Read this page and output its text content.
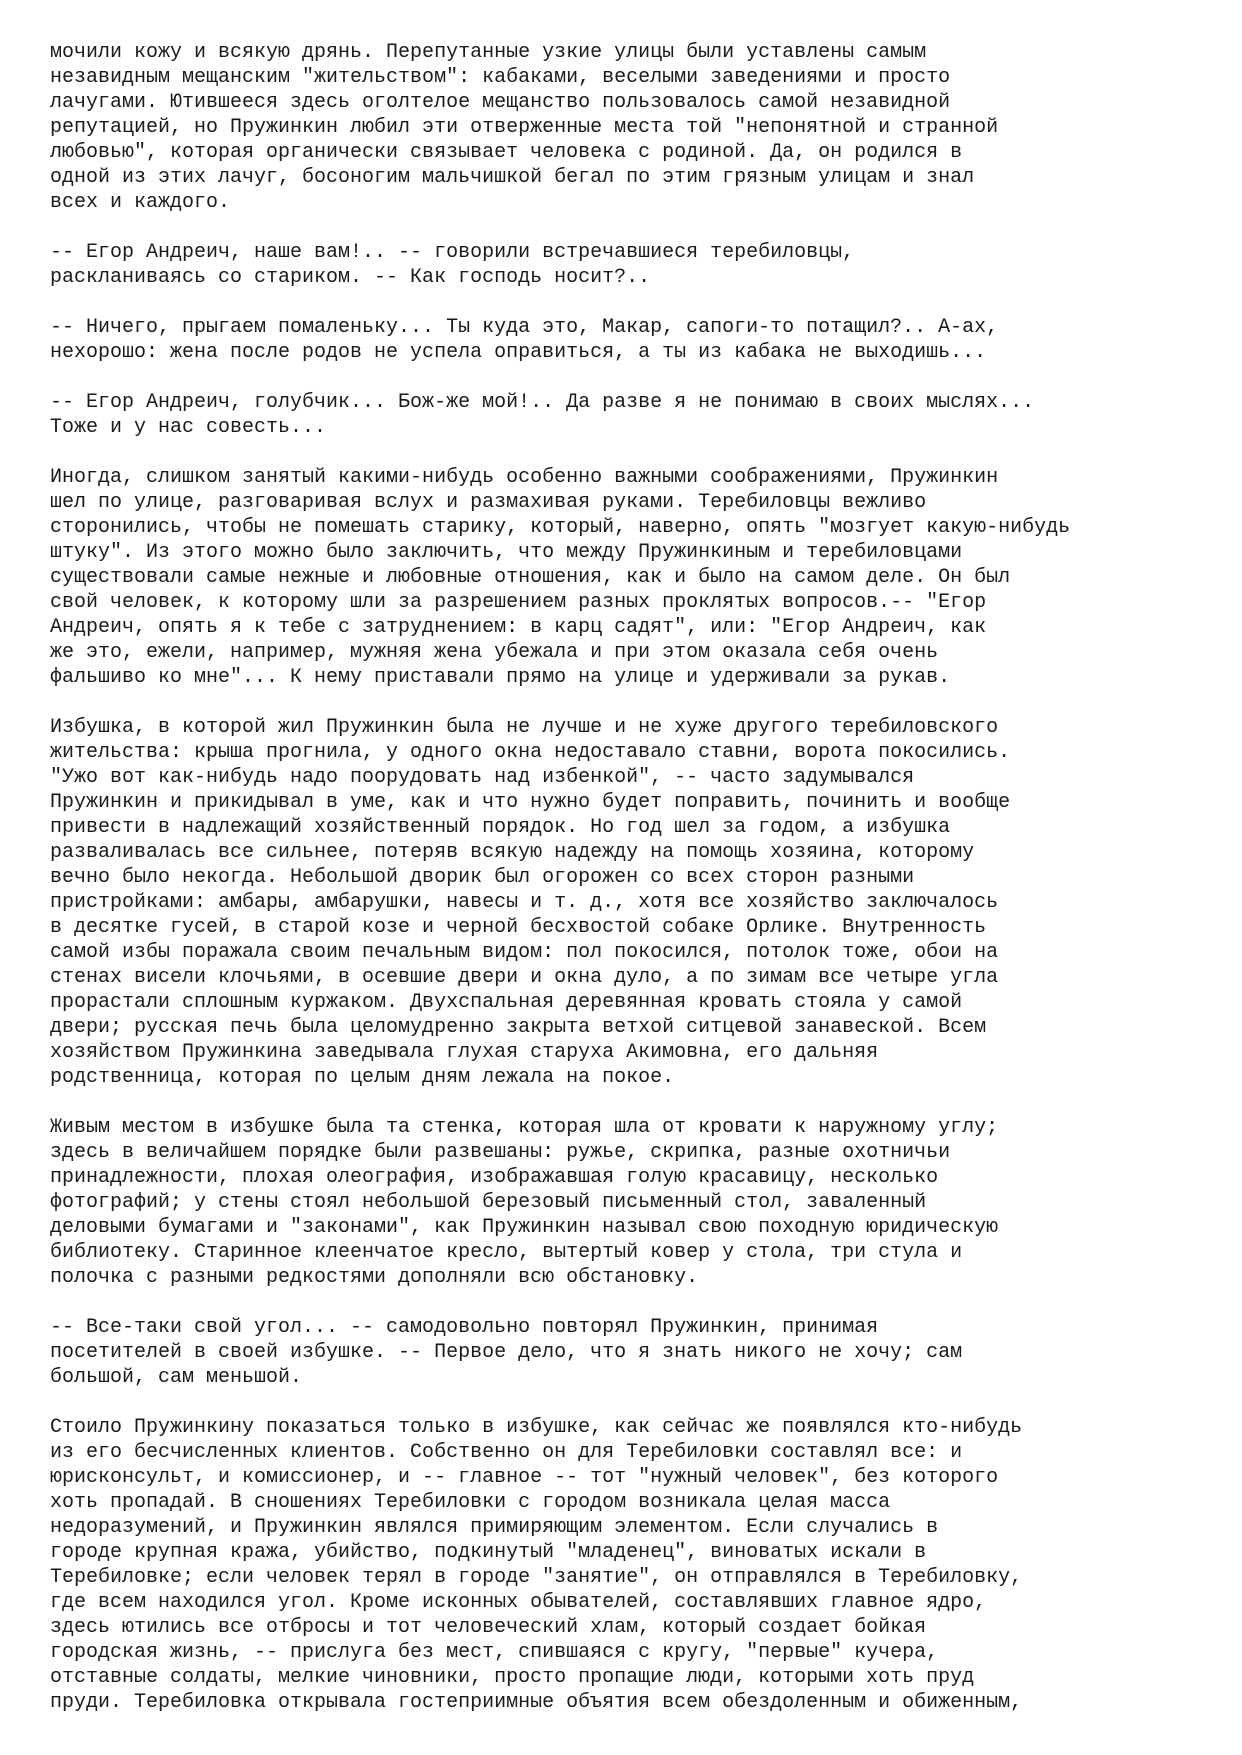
мочили кожу и всякую дрянь. Перепутанные узкие улицы были уставлены самым
незавидным мещанским "жительством": кабаками, веселыми заведениями и просто
лачугами. Ютившееся здесь оголтелое мещанство пользовалось самой незавидной
репутацией, но Пружинкин любил эти отверженные места той "непонятной и странной
любовью", которая органически связывает человека с родиной. Да, он родился в
одной из этих лачуг, босоногим мальчишкой бегал по этим грязным улицам и знал
всех и каждого.
-- Егор Андреич, наше вам!.. -- говорили встречавшиеся теребиловцы,
раскланиваясь со стариком. -- Как господь носит?..
-- Ничего, прыгаем помаленьку... Ты куда это, Макар, сапоги-то потащил?.. А-ах,
нехорошо: жена после родов не успела оправиться, а ты из кабака не выходишь...
-- Егор Андреич, голубчик... Бож-же мой!.. Да разве я не понимаю в своих мыслях...
Тоже и у нас совесть...
Иногда, слишком занятый какими-нибудь особенно важными соображениями, Пружинкин
шел по улице, разговаривая вслух и размахивая руками. Теребиловцы вежливо
сторонились, чтобы не помешать старику, который, наверно, опять "мозгует какую-нибудь
штуку". Из этого можно было заключить, что между Пружинкиным и теребиловцами
существовали самые нежные и любовные отношения, как и было на самом деле. Он был
свой человек, к которому шли за разрешением разных проклятых вопросов.-- "Егор
Андреич, опять я к тебе с затруднением: в карц садят", или: "Егор Андреич, как
же это, ежели, например, мужняя жена убежала и при этом оказала себя очень
фальшиво ко мне"... К нему приставали прямо на улице и удерживали за рукав.
Избушка, в которой жил Пружинкин была не лучше и не хуже другого теребиловского
жительства: крыша прогнила, у одного окна недоставало ставни, ворота покосились.
"Ужо вот как-нибудь надо поорудовать над избенкой", -- часто задумывался
Пружинкин и прикидывал в уме, как и что нужно будет поправить, починить и вообще
привести в надлежащий хозяйственный порядок. Но год шел за годом, а избушка
разваливалась все сильнее, потеряв всякую надежду на помощь хозяина, которому
вечно было некогда. Небольшой дворик был огорожен со всех сторон разными
пристройками: амбары, амбарушки, навесы и т. д., хотя все хозяйство заключалось
в десятке гусей, в старой козе и черной бесхвостой собаке Орлике. Внутренность
самой избы поражала своим печальным видом: пол покосился, потолок тоже, обои на
стенах висели клочьями, в осевшие двери и окна дуло, а по зимам все четыре угла
прорастали сплошным куржаком. Двухспальная деревянная кровать стояла у самой
двери; русская печь была целомудренно закрыта ветхой ситцевой занавеской. Всем
хозяйством Пружинкина заведывала глухая старуха Акимовна, его дальняя
родственница, которая по целым дням лежала на покое.
Живым местом в избушке была та стенка, которая шла от кровати к наружному углу;
здесь в величайшем порядке были развешаны: ружье, скрипка, разные охотничьи
принадлежности, плохая олеография, изображавшая голую красавицу, несколько
фотографий; у стены стоял небольшой березовый письменный стол, заваленный
деловыми бумагами и "законами", как Пружинкин называл свою походную юридическую
библиотеку. Старинное клеенчатое кресло, вытертый ковер у стола, три стула и
полочка с разными редкостями дополняли всю обстановку.
-- Все-таки свой угол... -- самодовольно повторял Пружинкин, принимая
посетителей в своей избушке. -- Первое дело, что я знать никого не хочу; сам
большой, сам меньшой.
Стоило Пружинкину показаться только в избушке, как сейчас же появлялся кто-нибудь
из его бесчисленных клиентов. Собственно он для Теребиловки составлял все: и
юрисконсульт, и комиссионер, и -- главное -- тот "нужный человек", без которого
хоть пропадай. В сношениях Теребиловки с городом возникала целая масса
недоразумений, и Пружинкин являлся примиряющим элементом. Если случались в
городе крупная кража, убийство, подкинутый "младенец", виноватых искали в
Теребиловке; если человек терял в городе "занятие", он отправлялся в Теребиловку,
где всем находился угол. Кроме исконных обывателей, составлявших главное ядро,
здесь ютились все отбросы и тот человеческий хлам, который создает бойкая
городская жизнь, -- прислуга без мест, спившаяся с кругу, "первые" кучера,
отставные солдаты, мелкие чиновники, просто пропащие люди, которыми хоть пруд
пруди. Теребиловка открывала гостеприимные объятия всем обездоленным и обиженным,
